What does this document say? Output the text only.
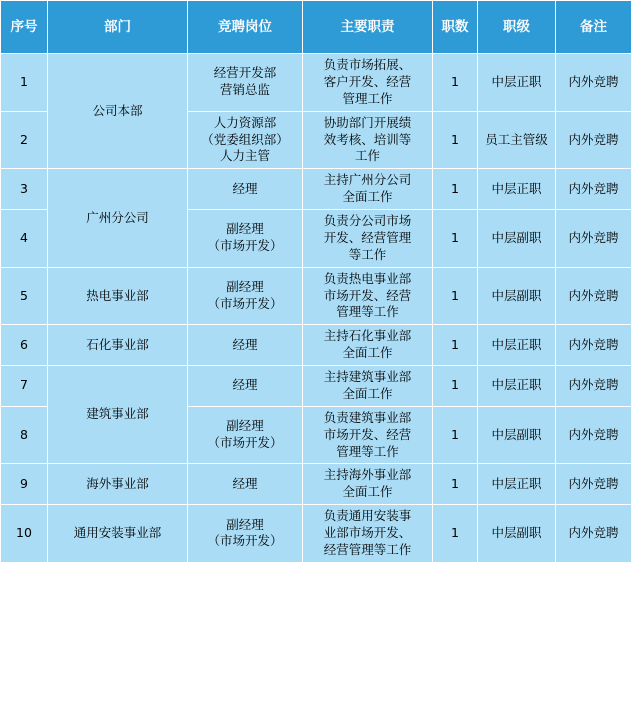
序号	部门	竞聘岗位	主要职责	职数	职级	备注

1	公司本部	经营开发部
营销总监	负责市场拓展、
客户开发、经营
管理工作	1	中层正职	内外竞聘

2		人力资源部
（党委组织部）
人力主管	协助部门开展绩
效考核、培训等
工作	1	员工主管级	内外竞聘

3	广州分公司	经理	主持广州分公司
全面工作	1	中层正职	内外竞聘

4		副经理
（市场开发）	负责分公司市场
开发、经营管理
等工作	1	中层副职	内外竞聘

5	热电事业部	副经理
（市场开发）	负责热电事业部
市场开发、经营
管理等工作	1	中层副职	内外竞聘

6	石化事业部	经理	主持石化事业部
全面工作	1	中层正职	内外竞聘

7	建筑事业部	经理	主持建筑事业部
全面工作	1	中层正职	内外竞聘

8		副经理
（市场开发）	负责建筑事业部
市场开发、经营
管理等工作	1	中层副职	内外竞聘

9	海外事业部	经理	主持海外事业部
全面工作	1	中层正职	内外竞聘

10	通用安装事业部	副经理
（市场开发）	负责通用安装事
业部市场开发、
经营管理等工作	1	中层副职	内外竞聘
